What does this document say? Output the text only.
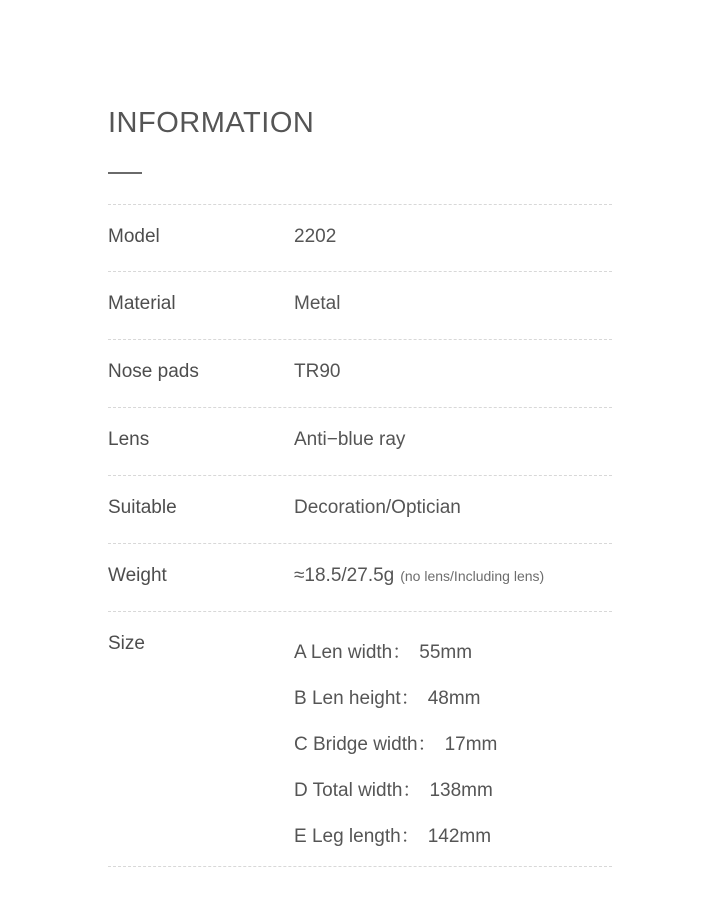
INFORMATION
Model	2202
Material	Metal
Nose pads	TR90
Lens	Anti−blue ray
Suitable	Decoration/Optician
Weight	≈18.5/27.5g (no lens/Including lens)
Size	A Len width： 55mm
B Len height： 48mm
C Bridge width： 17mm
D Total width： 138mm
E Leg length： 142mm
